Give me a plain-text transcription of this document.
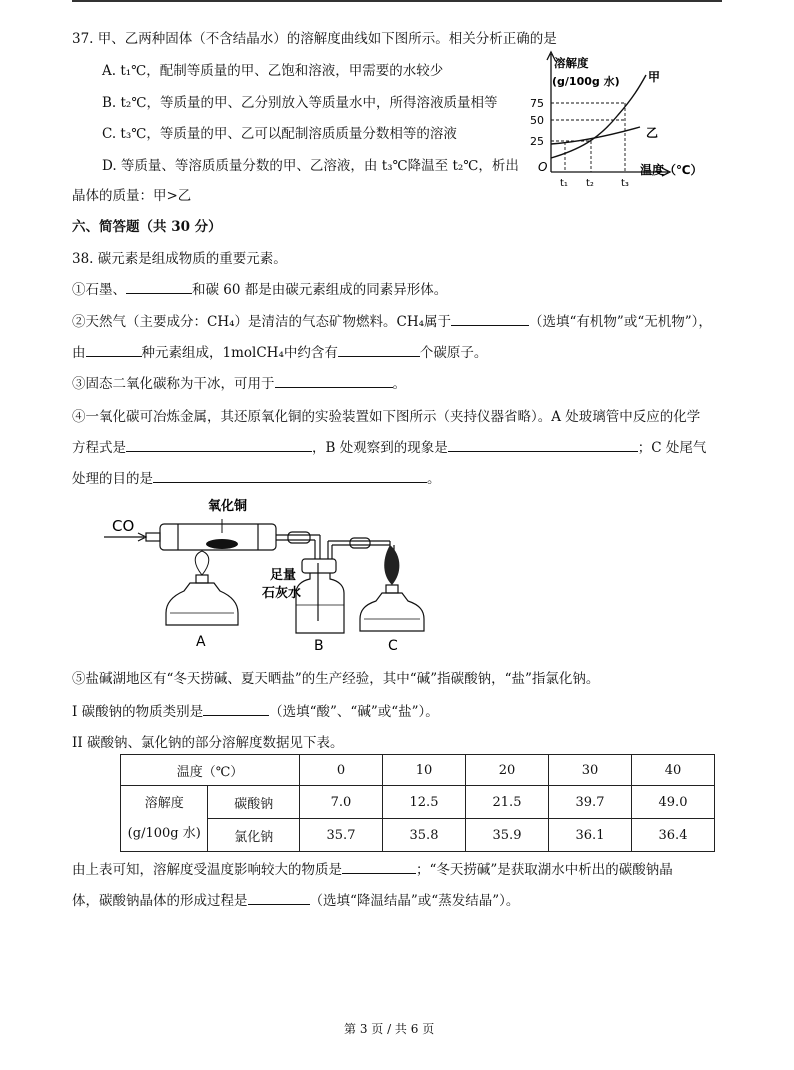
37. 甲、乙两种固体（不含结晶水）的溶解度曲线如下图所示。相关分析正确的是
A. t₁℃，配制等质量的甲、乙饱和溶液，甲需要的水较少
B. t₂℃，等质量的甲、乙分别放入等质量水中，所得溶液质量相等
C. t₃℃，等质量的甲、乙可以配制溶质质量分数相等的溶液
D. 等质量、等溶质质量分数的甲、乙溶液，由 t₃℃降温至 t₂℃，析出
晶体的质量：甲>乙
溶解度
(g/100g 水)
75
50
25
O
t₁ t₂	t₃
温度（℃）
甲
乙
六、简答题（共 30 分）
38. 碳元素是组成物质的重要元素。
①石墨、	和碳 60 都是由碳元素组成的同素异形体。
②天然气（主要成分：CH₄）是清洁的气态矿物燃料。CH₄属于	（选填“有机物”或“无机物”），
由	种元素组成，1molCH₄中约含有	个碳原子。
③固态二氧化碳称为干冰，可用于	。
④一氧化碳可冶炼金属，其还原氧化铜的实验装置如下图所示（夹持仪器省略）。A 处玻璃管中反应的化学
方程式是	，B 处观察到的现象是	；C 处尾气
处理的目的是	。
CO
氧化铜
足量
石灰水
A	B	C
⑤盐碱湖地区有“冬天捞碱、夏天晒盐”的生产经验，其中“碱”指碳酸钠，“盐”指氯化钠。
I 碳酸钠的物质类别是	（选填“酸”、“碱”或“盐”）。
II 碳酸钠、氯化钠的部分溶解度数据见下表。
温度（℃）		0	10	20	30	40

溶解度
(g/100g 水)	碳酸钠	7.0	12.5	21.5	39.7	49.0
	氯化钠	35.7	35.8	35.9	36.1	36.4
由上表可知，溶解度受温度影响较大的物质是	；“冬天捞碱”是获取湖水中析出的碳酸钠晶
体，碳酸钠晶体的形成过程是	（选填“降温结晶”或“蒸发结晶”）。
第 3 页 / 共 6 页
